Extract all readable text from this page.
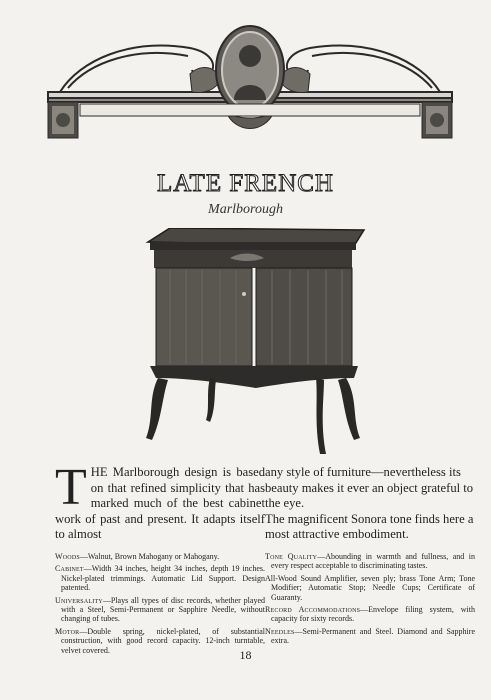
LATE FRENCH
Marlborough

THE Marlborough design is based on that refined simplicity that has marked much of the best cabinet work of past and present. It adapts itself to almost

Woods—Walnut, Brown Mahogany or Mahogany.

Cabinet—Width 34 inches, height 34 inches, depth 19 inches. Nickel-plated trimmings. Automatic Lid Support. Design patented.

Universality—Plays all types of disc records, whether played with a Steel, Semi-Permanent or Sapphire Needle, without changing of tubes.

Motor—Double spring, nickel-plated, of substantial construction, with good record capacity. 12-inch turntable, velvet covered.

any style of furniture—nevertheless its beauty makes it ever an object grateful to the eye.

The magnificent Sonora tone finds here a most attractive embodiment.

Tone Quality—Abounding in warmth and fullness, and in every respect acceptable to discriminating tastes.

All-Wood Sound Amplifier, seven ply; brass Tone Arm; Tone Modifier; Automatic Stop; Needle Cups; Certificate of Guaranty.

Record Accommodations—Envelope filing system, with capacity for sixty records.

Needles—Semi-Permanent and Steel. Diamond and Sapphire extra.

18
